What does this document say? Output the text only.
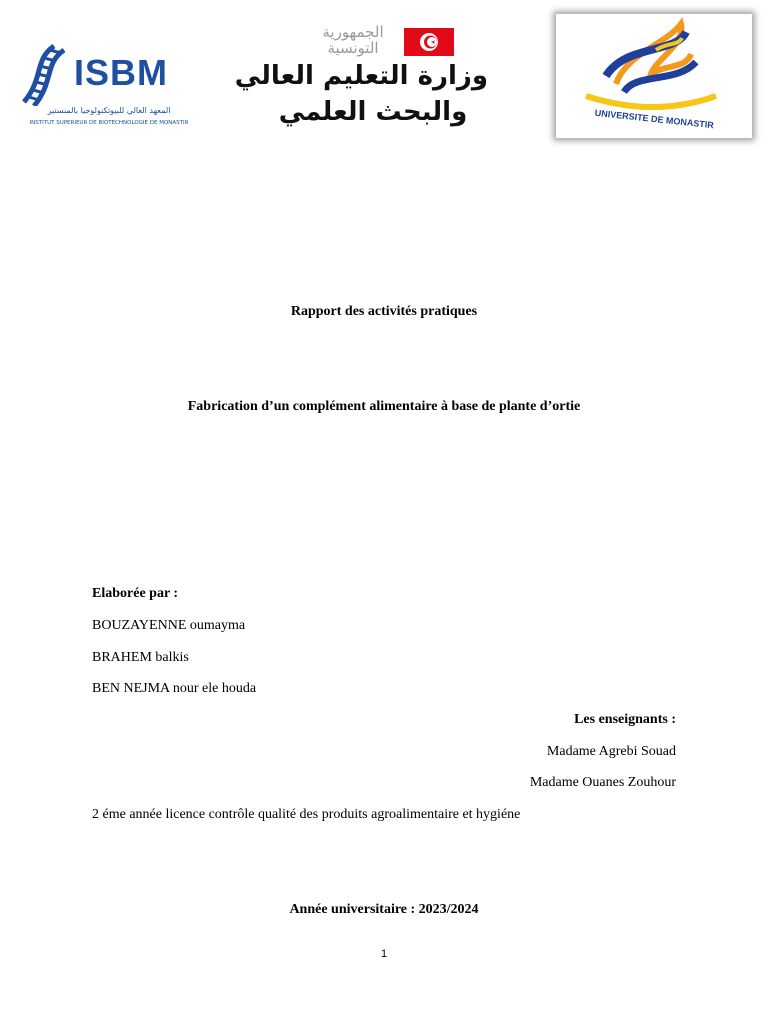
ISBM
المعهد العالي للبيوتكنولوجيا بالمنستير
INSTITUT SUPÉRIEUR DE BIOTECHNOLOGIE DE MONASTIR
الجمهورية التونسية
وزارة التعليم العالي
والبحث العلمي	UNIVERSITE DE MONASTIR
Rapport des activités pratiques
Fabrication d’un complément alimentaire à base de plante d’ortie
Elaborée par :
BOUZAYENNE oumayma
BRAHEM balkis
BEN NEJMA nour ele houda
Les enseignants :
Madame Agrebi Souad
Madame Ouanes Zouhour
2 éme année licence contrôle qualité des produits agroalimentaire et hygiéne
Année universitaire : 2023/2024
1
